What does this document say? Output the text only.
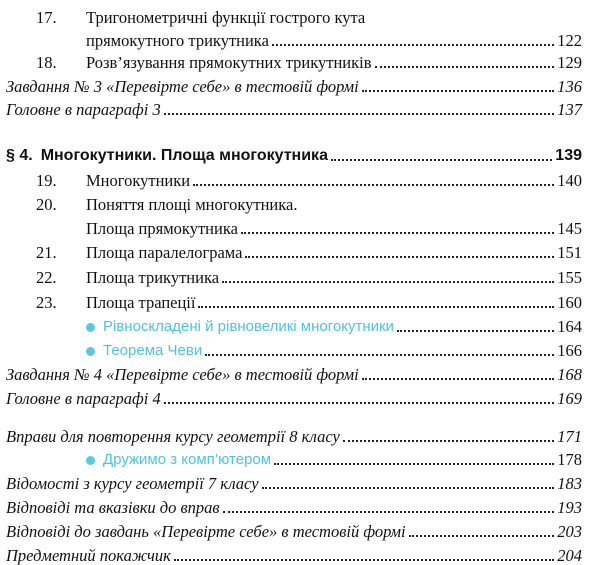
17.	Тригонометричні функції гострого кута
прямокутного трикутника	122
18.	Розв’язування прямокутних трикутників	129
Завдання № 3 «Перевірте себе» в тестовій формі	136
Головне в параграфі 3	137
§ 4. Многокутники. Площа многокутника	139
19.	Многокутники	140
20.	Поняття площі многокутника.
Площа прямокутника	145
21.	Площа паралелограма	151
22.	Площа трикутника	155
23.	Площа трапеції	160
Рівноскладені й рівновеликі многокутники	164
Теорема Чеви	166
Завдання № 4 «Перевірте себе» в тестовій формі	168
Головне в параграфі 4	169
Вправи для повторення курсу геометрії 8 класу	171
Дружимо з комп’ютером	178
Відомості з курсу геометрії 7 класу	183
Відповіді та вказівки до вправ	193
Відповіді до завдань «Перевірте себе» в тестовій формі	203
Предметний покажчик	204
